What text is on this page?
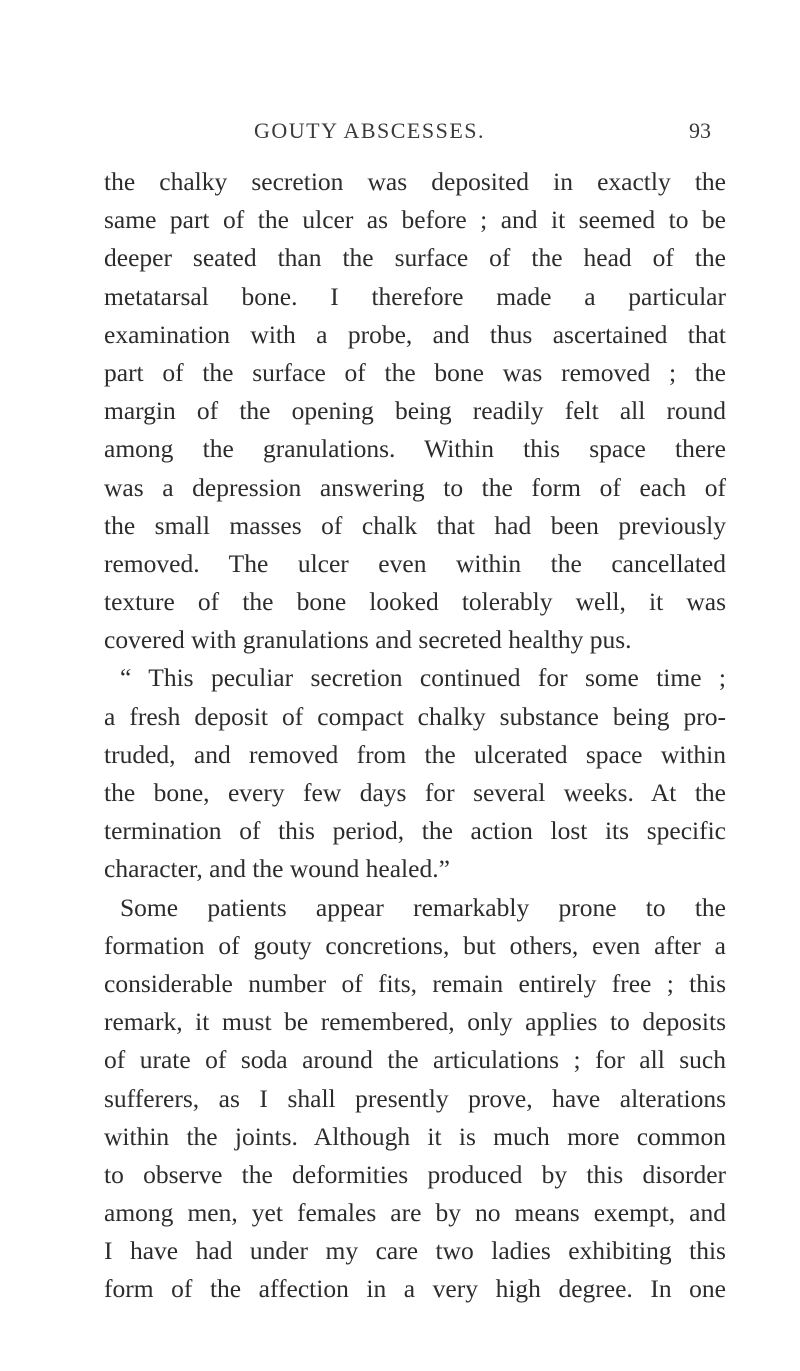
GOUTY ABSCESSES.	93
the chalky secretion was deposited in exactly the
same part of the ulcer as before ; and it seemed to be
deeper seated than the surface of the head of the
metatarsal bone. I therefore made a particular
examination with a probe, and thus ascertained that
part of the surface of the bone was removed ; the
margin of the opening being readily felt all round
among the granulations. Within this space there
was a depression answering to the form of each of
the small masses of chalk that had been previously
removed. The ulcer even within the cancellated
texture of the bone looked tolerably well, it was
covered with granulations and secreted healthy pus.
“ This peculiar secretion continued for some time ;
a fresh deposit of compact chalky substance being pro-
truded, and removed from the ulcerated space within
the bone, every few days for several weeks. At the
termination of this period, the action lost its specific
character, and the wound healed.”
Some patients appear remarkably prone to the
formation of gouty concretions, but others, even after a
considerable number of fits, remain entirely free ; this
remark, it must be remembered, only applies to deposits
of urate of soda around the articulations ; for all such
sufferers, as I shall presently prove, have alterations
within the joints. Although it is much more common
to observe the deformities produced by this disorder
among men, yet females are by no means exempt, and
I have had under my care two ladies exhibiting this
form of the affection in a very high degree. In one
